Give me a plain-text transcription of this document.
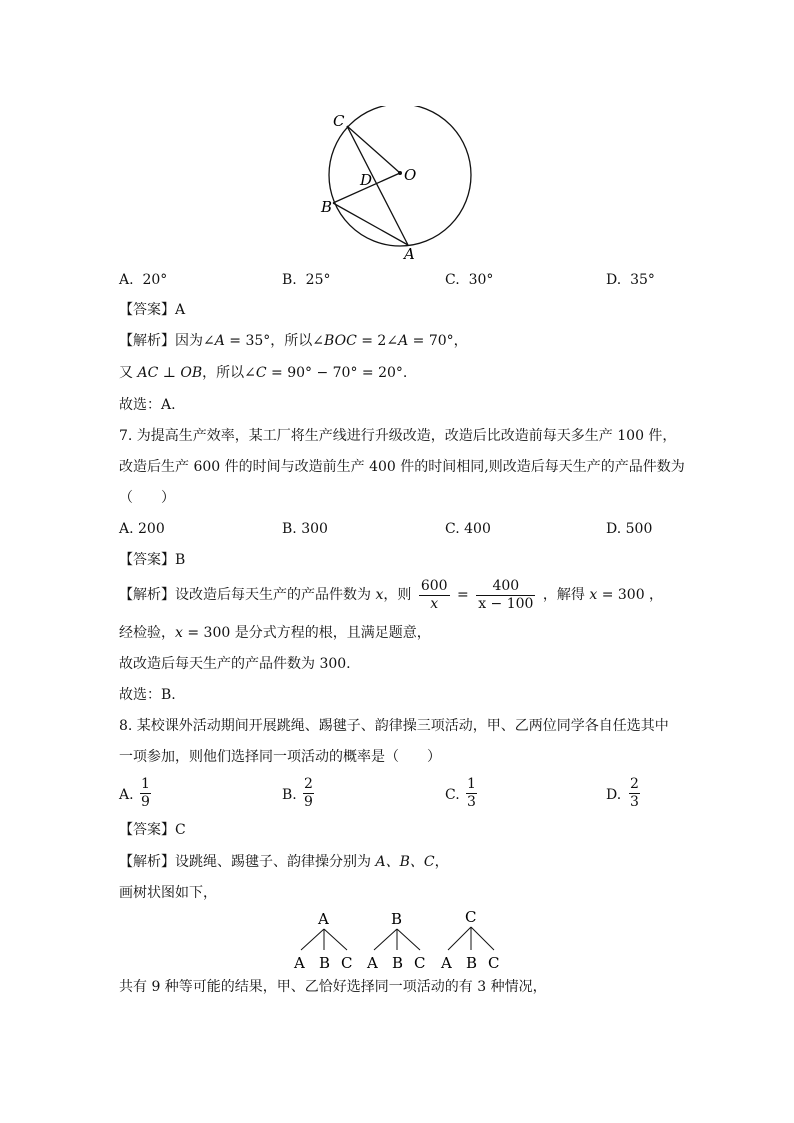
C
O
D
B
A
A. 20°	B. 25°	C. 30°	D. 35°
【答案】A
【解析】因为∠A = 35°，所以∠BOC = 2∠A = 70°，
又 AC ⊥ OB，所以∠C = 90° − 70° = 20°.
故选：A.
7. 为提高生产效率，某工厂将生产线进行升级改造，改造后比改造前每天多生产 100 件，
改造后生产 600 件的时间与改造前生产 400 件的时间相同,则改造后每天生产的产品件数为
（　　）
A. 200	B. 300	C. 400	D. 500
【答案】B
【解析】设改造后每天生产的产品件数为 x，则 $\frac{600}{x} = \frac{400}{x - 100}$ ，解得 x = 300 ，
经检验，x = 300 是分式方程的根，且满足题意，
故改造后每天生产的产品件数为 300.
故选：B.
8. 某校课外活动期间开展跳绳、踢毽子、韵律操三项活动，甲、乙两位同学各自任选其中
一项参加，则他们选择同一项活动的概率是（　　）
A. $\frac{1}{9}$	B. $\frac{2}{9}$	C. $\frac{1}{3}$	D. $\frac{2}{3}$
【答案】C
【解析】设跳绳、踢毽子、韵律操分别为 A、B、C，
画树状图如下，
A
A B C
B
A B C
C
A B C
共有 9 种等可能的结果，甲、乙恰好选择同一项活动的有 3 种情况，
